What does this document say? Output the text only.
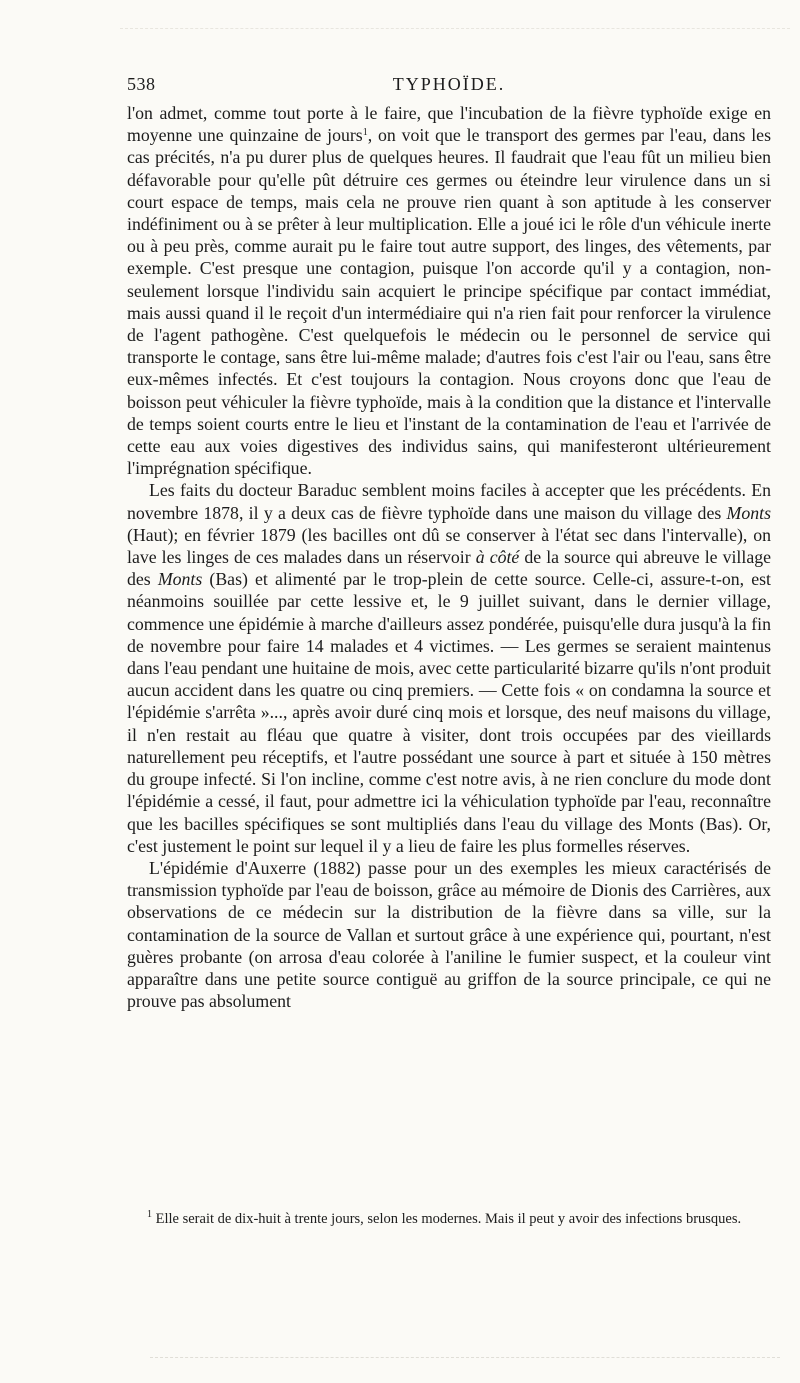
538	TYPHOÏDE.

l'on admet, comme tout porte à le faire, que l'incubation de la fièvre typhoïde exige en moyenne une quinzaine de jours$^1$, on voit que le transport des germes par l'eau, dans les cas précités, n'a pu durer plus de quelques heures. Il faudrait que l'eau fût un milieu bien défavorable pour qu'elle pût détruire ces germes ou éteindre leur virulence dans un si court espace de temps, mais cela ne prouve rien quant à son aptitude à les conserver indéfiniment ou à se prêter à leur multiplication. Elle a joué ici le rôle d'un véhicule inerte ou à peu près, comme aurait pu le faire tout autre support, des linges, des vêtements, par exemple. C'est presque une contagion, puisque l'on accorde qu'il y a contagion, non-seulement lorsque l'individu sain acquiert le principe spécifique par contact immédiat, mais aussi quand il le reçoit d'un intermédiaire qui n'a rien fait pour renforcer la virulence de l'agent pathogène. C'est quelquefois le médecin ou le personnel de service qui transporte le contage, sans être lui-même malade; d'autres fois c'est l'air ou l'eau, sans être eux-mêmes infectés. Et c'est toujours la contagion. Nous croyons donc que l'eau de boisson peut véhiculer la fièvre typhoïde, mais à la condition que la distance et l'intervalle de temps soient courts entre le lieu et l'instant de la contamination de l'eau et l'arrivée de cette eau aux voies digestives des individus sains, qui manifesteront ultérieurement l'imprégnation spécifique.

Les faits du docteur Baraduc semblent moins faciles à accepter que les précédents. En novembre 1878, il y a deux cas de fièvre typhoïde dans une maison du village des Monts (Haut); en février 1879 (les bacilles ont dû se conserver à l'état sec dans l'intervalle), on lave les linges de ces malades dans un réservoir à côté de la source qui abreuve le village des Monts (Bas) et alimenté par le trop-plein de cette source. Celle-ci, assure-t-on, est néanmoins souillée par cette lessive et, le 9 juillet suivant, dans le dernier village, commence une épidémie à marche d'ailleurs assez pondérée, puisqu'elle dura jusqu'à la fin de novembre pour faire 14 malades et 4 victimes. — Les germes se seraient maintenus dans l'eau pendant une huitaine de mois, avec cette particularité bizarre qu'ils n'ont produit aucun accident dans les quatre ou cinq premiers. — Cette fois « on condamna la source et l'épidémie s'arrêta »..., après avoir duré cinq mois et lorsque, des neuf maisons du village, il n'en restait au fléau que quatre à visiter, dont trois occupées par des vieillards naturellement peu réceptifs, et l'autre possédant une source à part et située à 150 mètres du groupe infecté. Si l'on incline, comme c'est notre avis, à ne rien conclure du mode dont l'épidémie a cessé, il faut, pour admettre ici la véhiculation typhoïde par l'eau, reconnaître que les bacilles spécifiques se sont multipliés dans l'eau du village des Monts (Bas). Or, c'est justement le point sur lequel il y a lieu de faire les plus formelles réserves.

L'épidémie d'Auxerre (1882) passe pour un des exemples les mieux caractérisés de transmission typhoïde par l'eau de boisson, grâce au mémoire de Dionis des Carrières, aux observations de ce médecin sur la distribution de la fièvre dans sa ville, sur la contamination de la source de Vallan et surtout grâce à une expérience qui, pourtant, n'est guères probante (on arrosa d'eau colorée à l'aniline le fumier suspect, et la couleur vint apparaître dans une petite source contiguë au griffon de la source principale, ce qui ne prouve pas absolument

$^1$ Elle serait de dix-huit à trente jours, selon les modernes. Mais il peut y avoir des infections brusques.
